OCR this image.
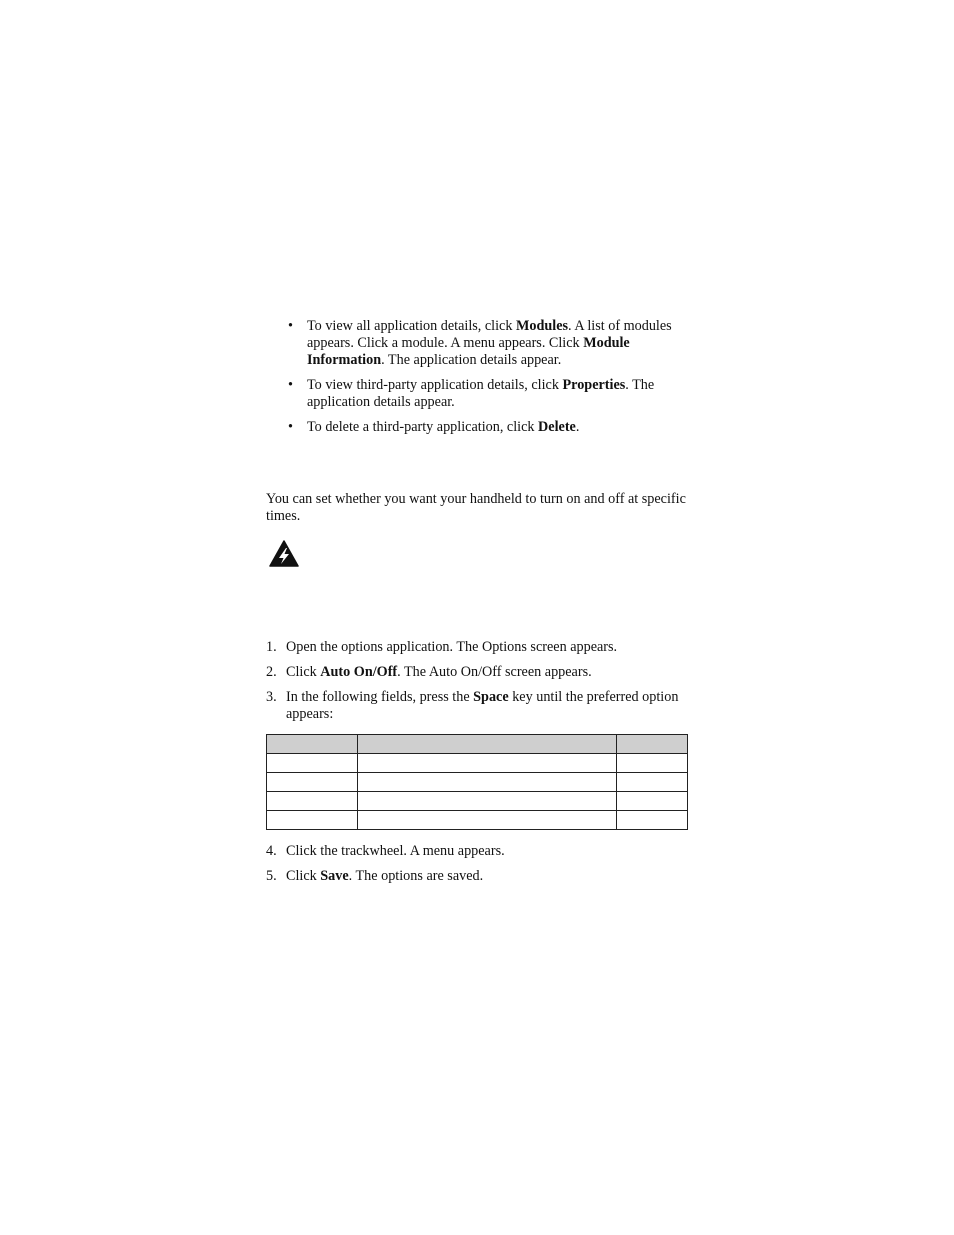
• To view all application details, click Modules. A list of modules appears. Click a module. A menu appears. Click Module Information. The application details appear.
• To view third-party application details, click Properties. The application details appear.
• To delete a third-party application, click Delete.

You can set whether you want your handheld to turn on and off at specific times.

1. Open the options application. The Options screen appears.
2. Click Auto On/Off. The Auto On/Off screen appears.
3. In the following fields, press the Space key until the preferred option appears:

4. Click the trackwheel. A menu appears.
5. Click Save. The options are saved.
